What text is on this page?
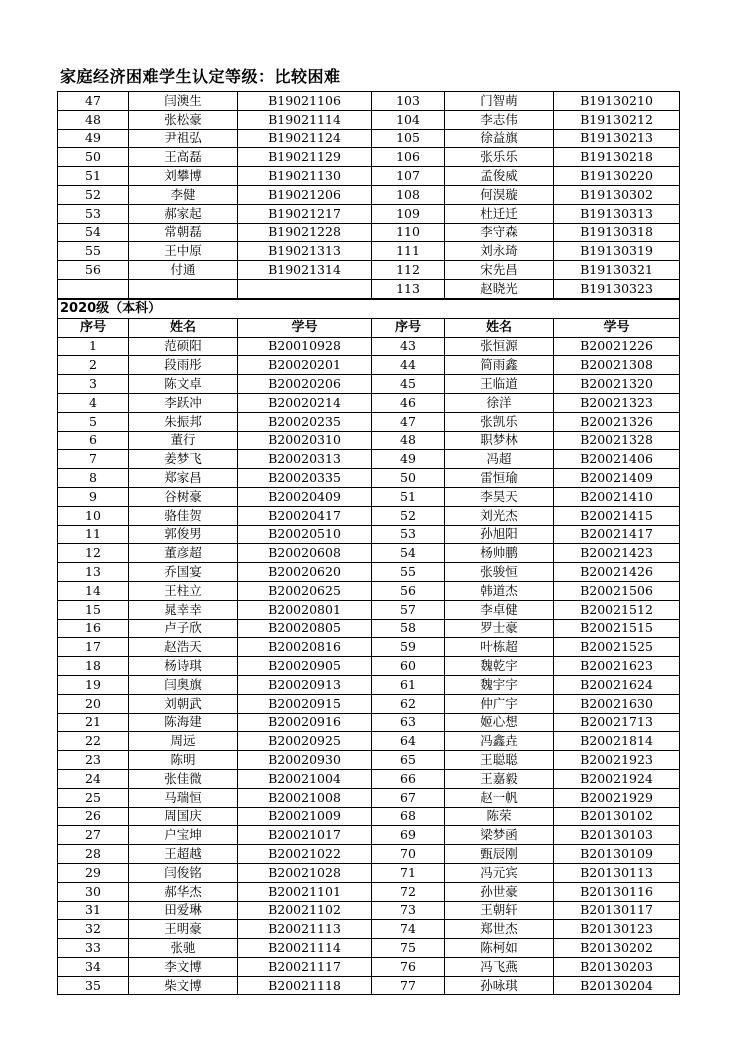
家庭经济困难学生认定等级：比较困难
47	闫澳生	B19021106	103	门智萌	B19130210
48	张松豪	B19021114	104	李志伟	B19130212
49	尹祖弘	B19021124	105	徐益旗	B19130213
50	王高磊	B19021129	106	张乐乐	B19130218
51	刘攀博	B19021130	107	孟俊威	B19130220
52	李健	B19021206	108	何淏璇	B19130302
53	郝家起	B19021217	109	杜迁迁	B19130313
54	常朝磊	B19021228	110	李守森	B19130318
55	王中原	B19021313	111	刘永琦	B19130319
56	付通	B19021314	112	宋先昌	B19130321
			113	赵晓光	B19130323
2020级（本科）					
序号	姓名	学号	序号	姓名	学号
1	范硕阳	B20010928	43	张恒源	B20021226
2	段雨彤	B20020201	44	简雨鑫	B20021308
3	陈文卓	B20020206	45	王临道	B20021320
4	李跃冲	B20020214	46	徐洋	B20021323
5	朱振邦	B20020235	47	张凯乐	B20021326
6	董行	B20020310	48	职梦林	B20021328
7	姜梦飞	B20020313	49	冯超	B20021406
8	郑家昌	B20020335	50	雷恒瑜	B20021409
9	谷树豪	B20020409	51	李昊天	B20021410
10	骆佳贺	B20020417	52	刘光杰	B20021415
11	郭俊男	B20020510	53	孙旭阳	B20021417
12	董彦超	B20020608	54	杨帅鹏	B20021423
13	乔国宴	B20020620	55	张骏恒	B20021426
14	王柱立	B20020625	56	韩道杰	B20021506
15	晁幸幸	B20020801	57	李卓健	B20021512
16	卢子欣	B20020805	58	罗士豪	B20021515
17	赵浩天	B20020816	59	叶栋超	B20021525
18	杨诗琪	B20020905	60	魏乾宇	B20021623
19	闫奥旗	B20020913	61	魏宇宇	B20021624
20	刘朝武	B20020915	62	仲广宇	B20021630
21	陈海建	B20020916	63	姬心想	B20021713
22	周远	B20020925	64	冯鑫垚	B20021814
23	陈明	B20020930	65	王聪聪	B20021923
24	张佳微	B20021004	66	王嘉毅	B20021924
25	马瑞恒	B20021008	67	赵一帆	B20021929
26	周国庆	B20021009	68	陈荣	B20130102
27	户宝坤	B20021017	69	梁梦函	B20130103
28	王超越	B20021022	70	甄辰刚	B20130109
29	闫俊铭	B20021028	71	冯元宾	B20130113
30	郝华杰	B20021101	72	孙世豪	B20130116
31	田爱琳	B20021102	73	王朝轩	B20130117
32	王明豪	B20021113	74	郑世杰	B20130123
33	张驰	B20021114	75	陈柯如	B20130202
34	李文博	B20021117	76	冯飞燕	B20130203
35	柴文博	B20021118	77	孙咏琪	B20130204
